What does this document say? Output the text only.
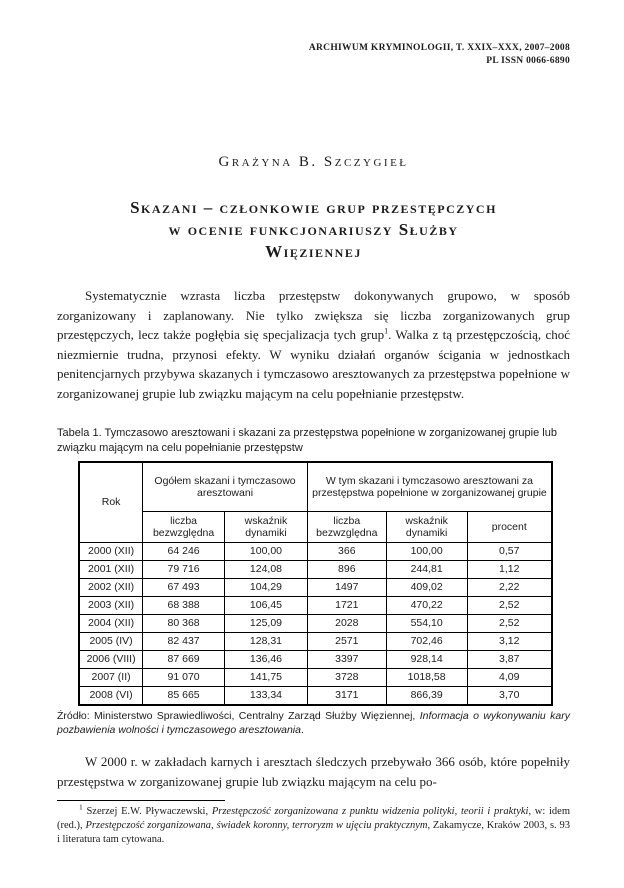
ARCHIWUM KRYMINOLOGII, T. XXIX–XXX, 2007–2008
PL ISSN 0066-6890
Grażyna B. Szczygieł
Skazani – członkowie grup przestępczych
w ocenie funkcjonariuszy Służby
Więziennej

Systematycznie wzrasta liczba przestępstw dokonywanych grupowo, w sposób zorganizowany i zaplanowany. Nie tylko zwiększa się liczba zorganizowanych grup przestępczych, lecz także pogłębia się specjalizacja tych grup$^1$. Walka z tą przestępczością, choć niezmiernie trudna, przynosi efekty. W wyniku działań organów ścigania w jednostkach penitencjarnych przybywa skazanych i tymczasowo aresztowanych za przestępstwa popełnione w zorganizowanej grupie lub związku mającym na celu popełnianie przestępstw.

Tabela 1. Tymczasowo aresztowani i skazani za przestępstwa popełnione w zorganizowanej grupie lub związku mającym na celu popełnianie przestępstw
Rok	Ogółem skazani i tymczasowo aresztowani		W tym skazani i tymczasowo aresztowani za przestępstwa popełnione w zorganizowanej grupie		
	liczba bezwzględna	wskaźnik dynamiki	liczba bezwzględna	wskaźnik dynamiki	procent
2000 (XII)	64 246	100,00	366	100,00	0,57
2001 (XII)	79 716	124,08	896	244,81	1,12
2002 (XII)	67 493	104,29	1497	409,02	2,22
2003 (XII)	68 388	106,45	1721	470,22	2,52
2004 (XII)	80 368	125,09	2028	554,10	2,52
2005 (IV)	82 437	128,31	2571	702,46	3,12
2006 (VIII)	87 669	136,46	3397	928,14	3,87
2007 (II)	91 070	141,75	3728	1018,58	4,09
2008 (VI)	85 665	133,34	3171	866,39	3,70
Źródło: Ministerstwo Sprawiedliwości, Centralny Zarząd Służby Więziennej, Informacja o wykonywaniu kary pozbawienia wolności i tymczasowego aresztowania.

W 2000 r. w zakładach karnych i aresztach śledczych przebywało 366 osób, które popełniły przestępstwa w zorganizowanej grupie lub związku mającym na celu po-

$^1$ Szerzej E.W. Pływaczewski, Przestępczość zorganizowana z punktu widzenia polityki, teorii i praktyki, w: idem (red.), Przestępczość zorganizowana, świadek koronny, terroryzm w ujęciu praktycznym, Zakamycze, Kraków 2003, s. 93 i literatura tam cytowana.
